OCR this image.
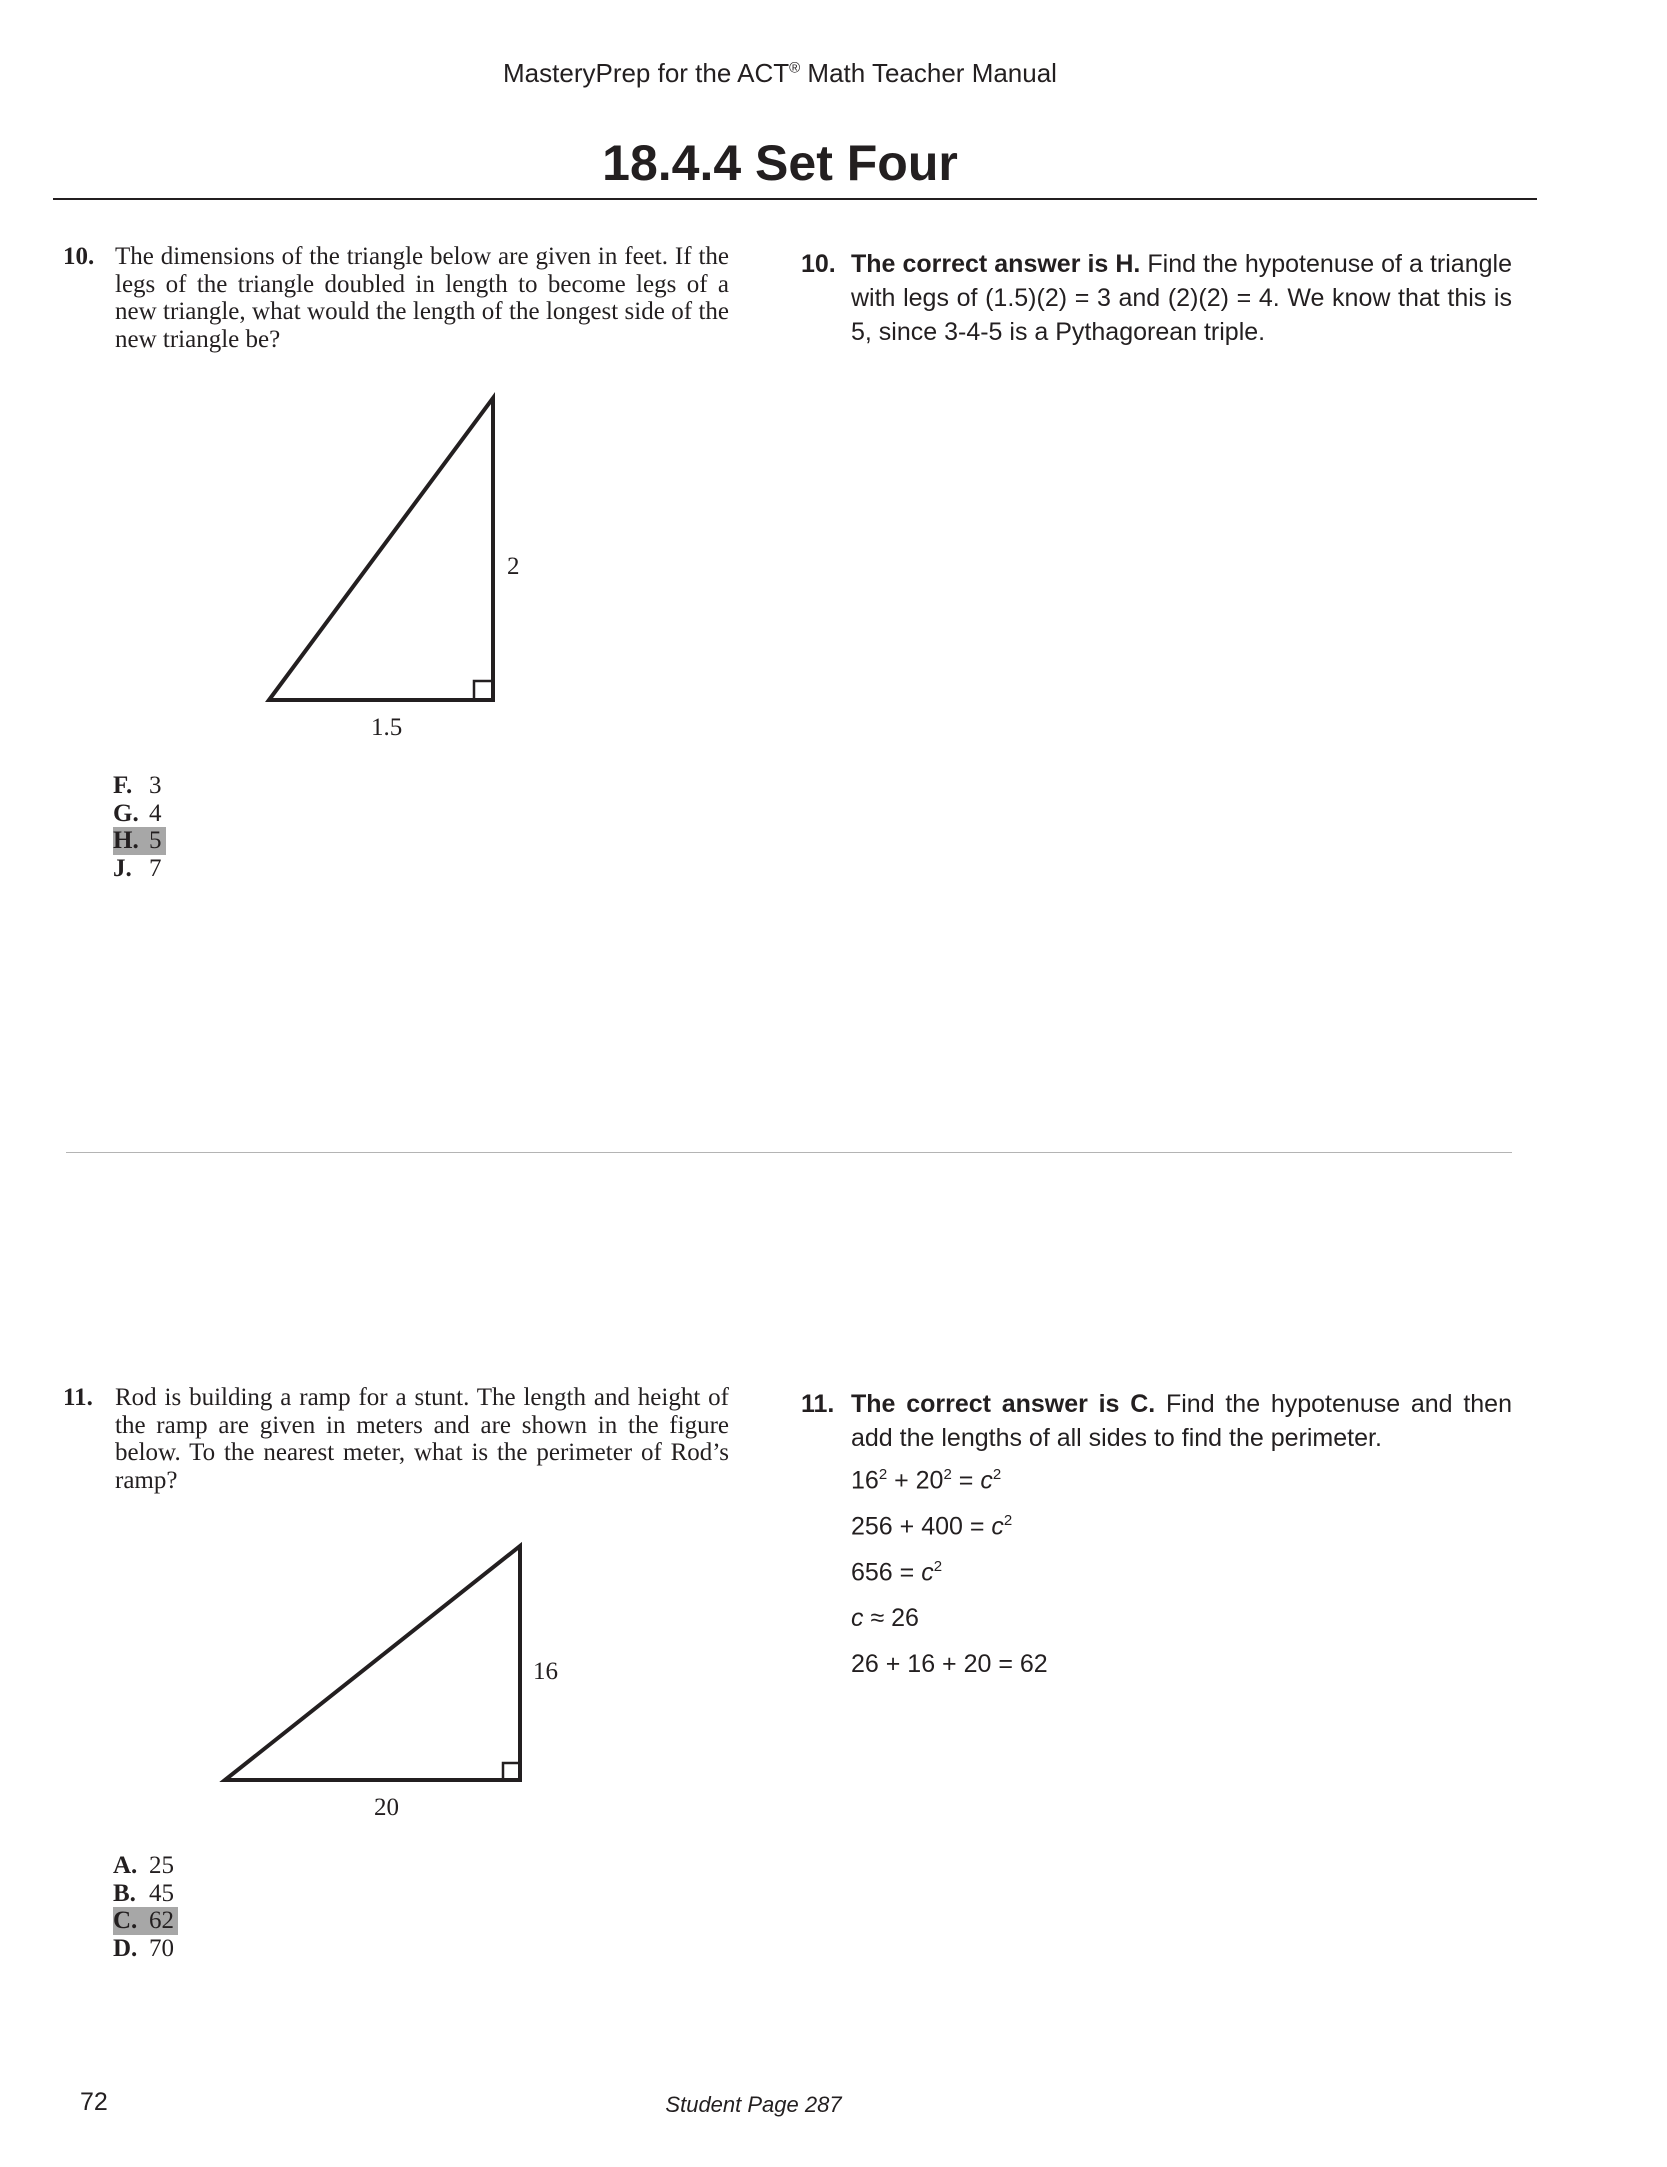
MasteryPrep for the ACT® Math Teacher Manual
18.4.4 Set Four
10. The dimensions of the triangle below are given in feet. If the legs of the triangle doubled in length to become legs of a new triangle, what would the length of the longest side of the new triangle be?
2
1.5
F. 3
G. 4
H. 5
J. 7
10. The correct answer is H. Find the hypotenuse of a triangle with legs of (1.5)(2) = 3 and (2)(2) = 4. We know that this is 5, since 3-4-5 is a Pythagorean triple.
11. Rod is building a ramp for a stunt. The length and height of the ramp are given in meters and are shown in the figure below. To the nearest meter, what is the perimeter of Rod’s ramp?
16
20
A. 25
B. 45
C. 62
D. 70
11. The correct answer is C. Find the hypotenuse and then add the lengths of all sides to find the perimeter.
$16^2 + 20^2 = c^2$
$256 + 400 = c^2$
$656 = c^2$
c ≈ 26
26 + 16 + 20 = 62
72	Student Page 287
